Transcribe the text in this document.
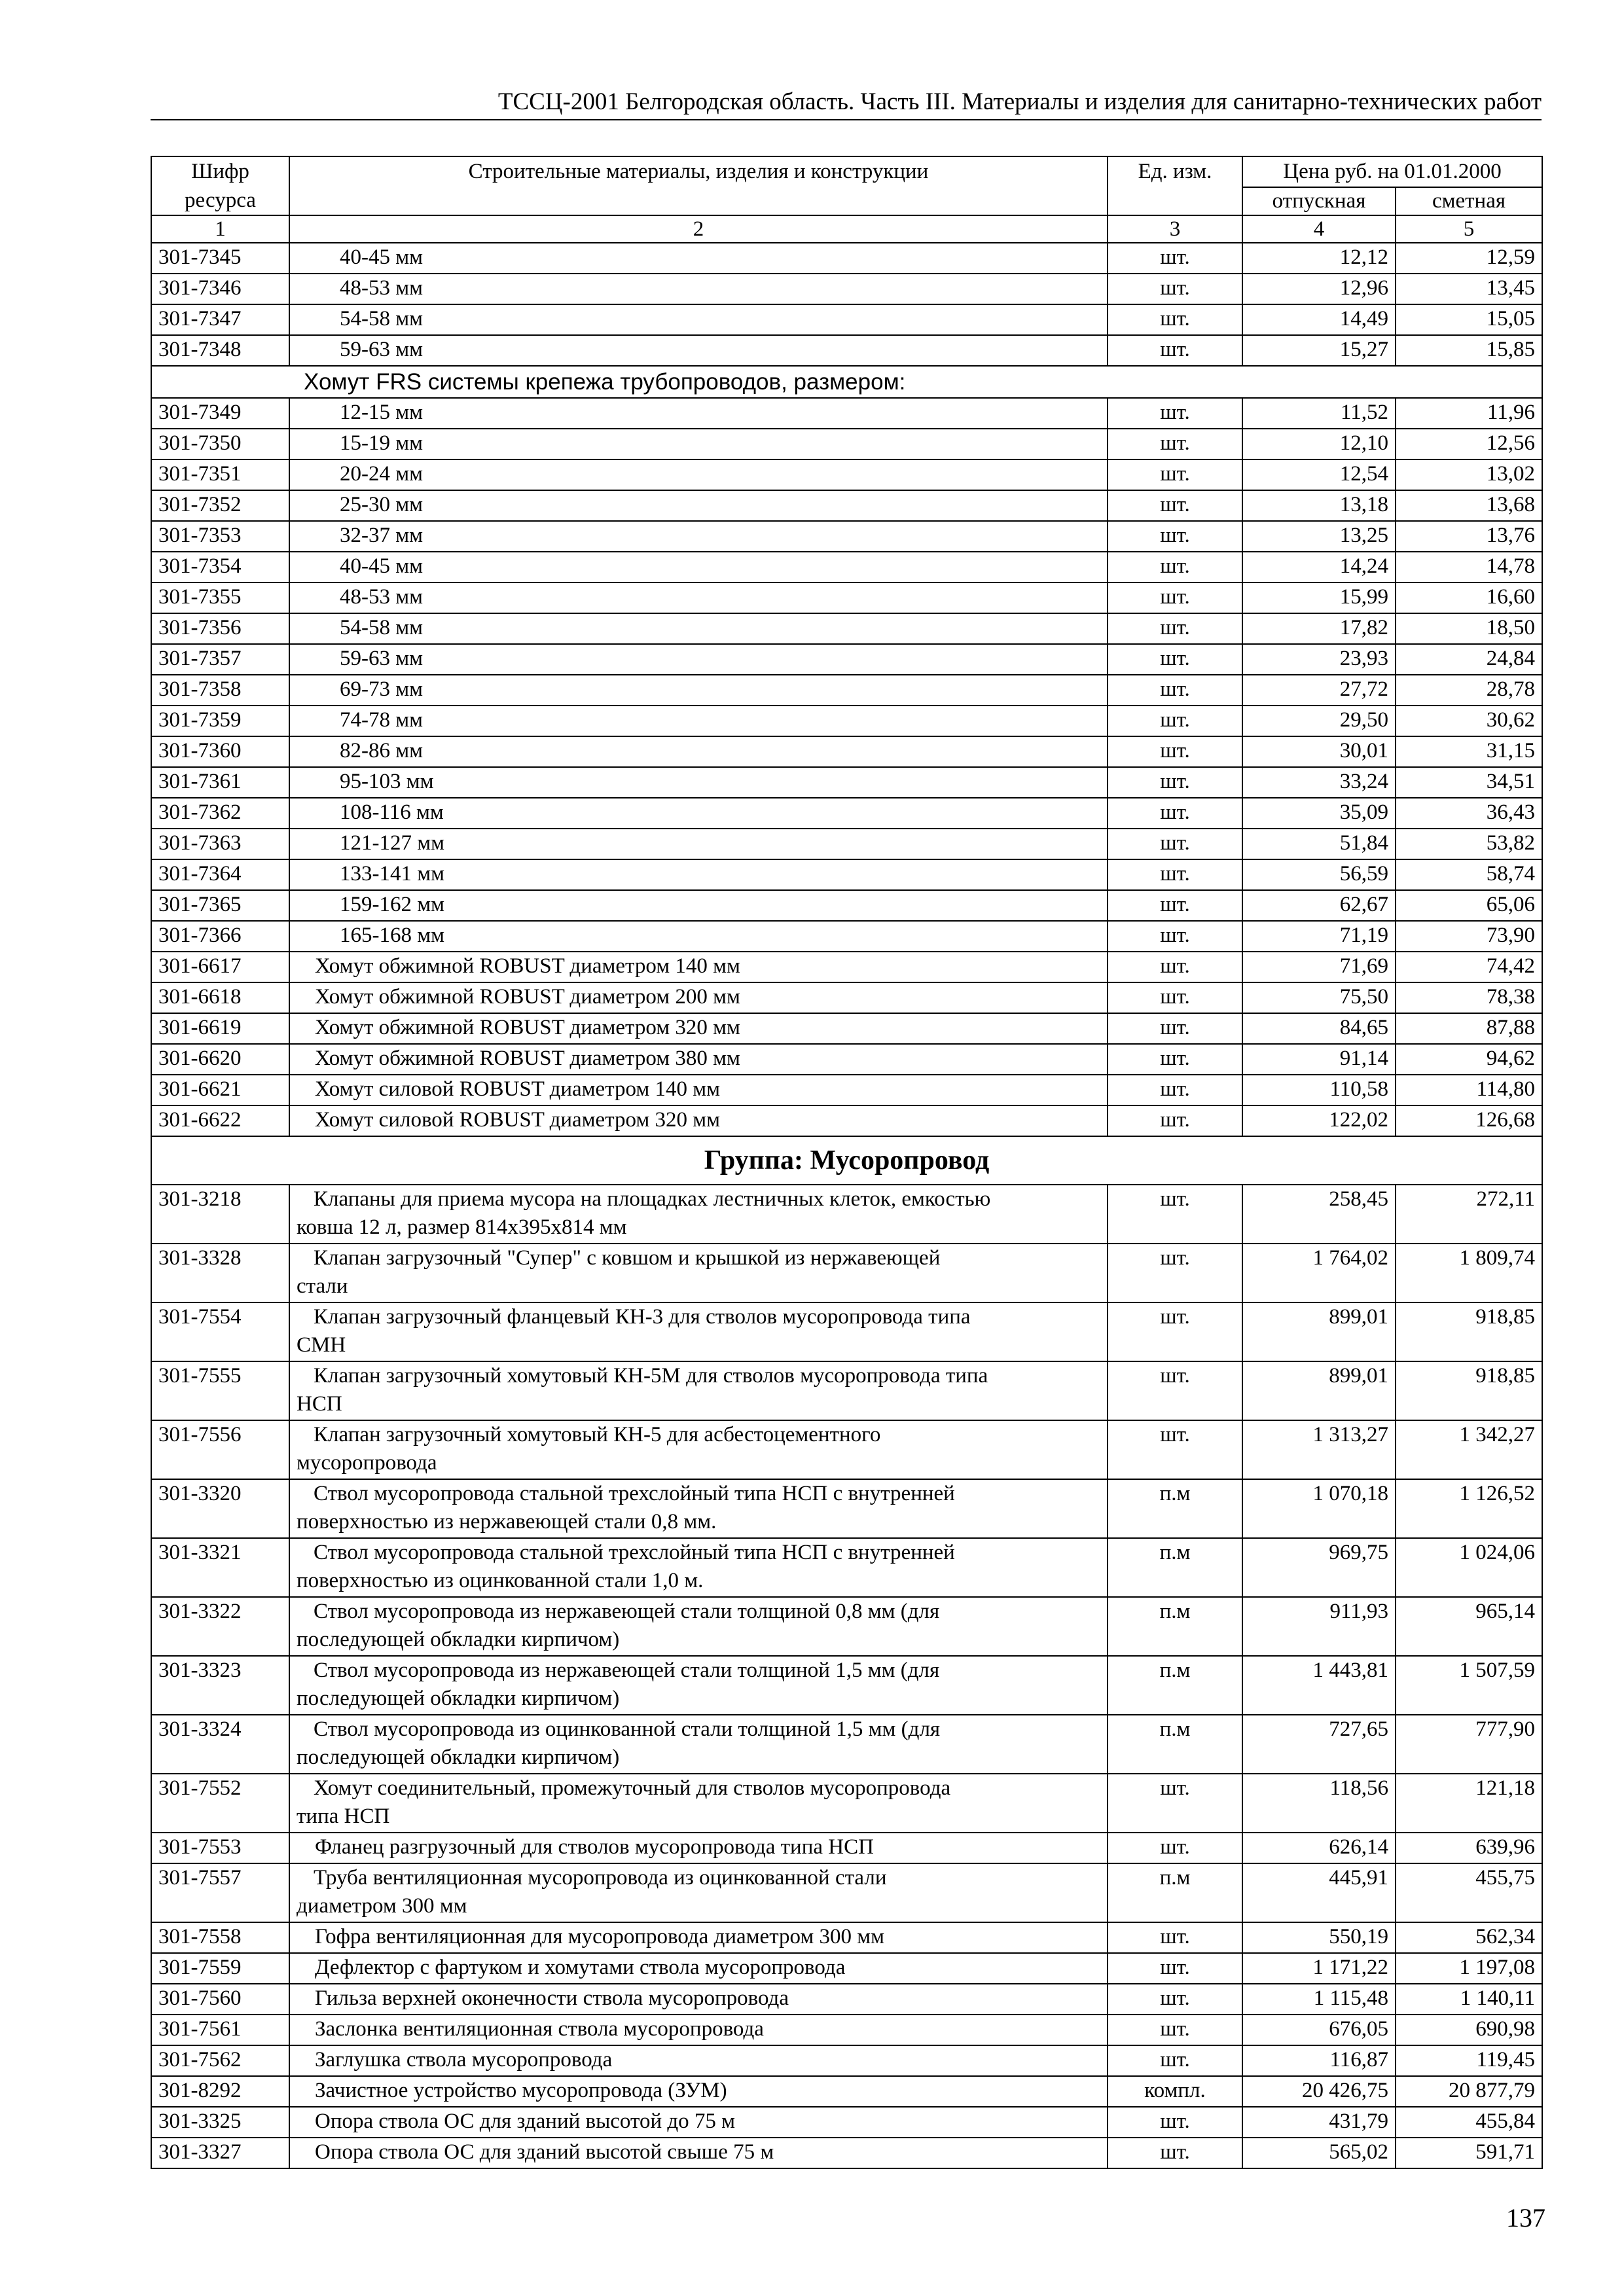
ТССЦ-2001 Белгородская область. Часть III. Материалы и изделия для санитарно-технических работ
Шифр ресурса	Строительные материалы, изделия и конструкции	Ед. изм.	Цена руб. на 01.01.2000	
			отпускная	сметная
1	2	3	4	5
301-7345	40-45 мм	шт.	12,12	12,59
301-7346	48-53 мм	шт.	12,96	13,45
301-7347	54-58 мм	шт.	14,49	15,05
301-7348	59-63 мм	шт.	15,27	15,85
Хомут FRS системы крепежа трубопроводов, размером:				
301-7349	12-15 мм	шт.	11,52	11,96
301-7350	15-19 мм	шт.	12,10	12,56
301-7351	20-24 мм	шт.	12,54	13,02
301-7352	25-30 мм	шт.	13,18	13,68
301-7353	32-37 мм	шт.	13,25	13,76
301-7354	40-45 мм	шт.	14,24	14,78
301-7355	48-53 мм	шт.	15,99	16,60
301-7356	54-58 мм	шт.	17,82	18,50
301-7357	59-63 мм	шт.	23,93	24,84
301-7358	69-73 мм	шт.	27,72	28,78
301-7359	74-78 мм	шт.	29,50	30,62
301-7360	82-86 мм	шт.	30,01	31,15
301-7361	95-103 мм	шт.	33,24	34,51
301-7362	108-116 мм	шт.	35,09	36,43
301-7363	121-127 мм	шт.	51,84	53,82
301-7364	133-141 мм	шт.	56,59	58,74
301-7365	159-162 мм	шт.	62,67	65,06
301-7366	165-168 мм	шт.	71,19	73,90
301-6617	Хомут обжимной ROBUST диаметром 140 мм	шт.	71,69	74,42
301-6618	Хомут обжимной ROBUST диаметром 200 мм	шт.	75,50	78,38
301-6619	Хомут обжимной ROBUST диаметром 320 мм	шт.	84,65	87,88
301-6620	Хомут обжимной ROBUST диаметром 380 мм	шт.	91,14	94,62
301-6621	Хомут силовой ROBUST диаметром 140 мм	шт.	110,58	114,80
301-6622	Хомут силовой ROBUST диаметром 320 мм	шт.	122,02	126,68
Группа: Мусоропровод				
301-3218	Клапаны для приема мусора на площадках лестничных клеток, емкостью
ковша 12 л, размер 814x395x814 мм	шт.	258,45	272,11
301-3328	Клапан загрузочный "Супер" с ковшом и крышкой из нержавеющей
стали	шт.	1 764,02	1 809,74
301-7554	Клапан загрузочный фланцевый КН-3 для стволов мусоропровода типа
СМН	шт.	899,01	918,85
301-7555	Клапан загрузочный хомутовый КН-5М для стволов мусоропровода типа
НСП	шт.	899,01	918,85
301-7556	Клапан загрузочный хомутовый КН-5 для асбестоцементного
мусоропровода	шт.	1 313,27	1 342,27
301-3320	Ствол мусоропровода стальной трехслойный типа НСП с внутренней
поверхностью из нержавеющей стали 0,8 мм.	п.м	1 070,18	1 126,52
301-3321	Ствол мусоропровода стальной трехслойный типа НСП с внутренней
поверхностью из оцинкованной стали 1,0 м.	п.м	969,75	1 024,06
301-3322	Ствол мусоропровода из нержавеющей стали толщиной 0,8 мм (для
последующей обкладки кирпичом)	п.м	911,93	965,14
301-3323	Ствол мусоропровода из нержавеющей стали толщиной 1,5 мм (для
последующей обкладки кирпичом)	п.м	1 443,81	1 507,59
301-3324	Ствол мусоропровода из оцинкованной стали толщиной 1,5 мм (для
последующей обкладки кирпичом)	п.м	727,65	777,90
301-7552	Хомут соединительный, промежуточный для стволов мусоропровода
типа НСП	шт.	118,56	121,18
301-7553	Фланец разгрузочный для стволов мусоропровода типа НСП	шт.	626,14	639,96
301-7557	Труба вентиляционная мусоропровода из оцинкованной стали
диаметром 300 мм	п.м	445,91	455,75
301-7558	Гофра вентиляционная для мусоропровода диаметром 300 мм	шт.	550,19	562,34
301-7559	Дефлектор с фартуком и хомутами ствола мусоропровода	шт.	1 171,22	1 197,08
301-7560	Гильза верхней оконечности ствола мусоропровода	шт.	1 115,48	1 140,11
301-7561	Заслонка вентиляционная ствола мусоропровода	шт.	676,05	690,98
301-7562	Заглушка ствола мусоропровода	шт.	116,87	119,45
301-8292	Зачистное устройство мусоропровода (ЗУМ)	компл.	20 426,75	20 877,79
301-3325	Опора ствола ОС для зданий высотой до 75 м	шт.	431,79	455,84
301-3327	Опора ствола ОС для зданий высотой свыше 75 м	шт.	565,02	591,71
137
